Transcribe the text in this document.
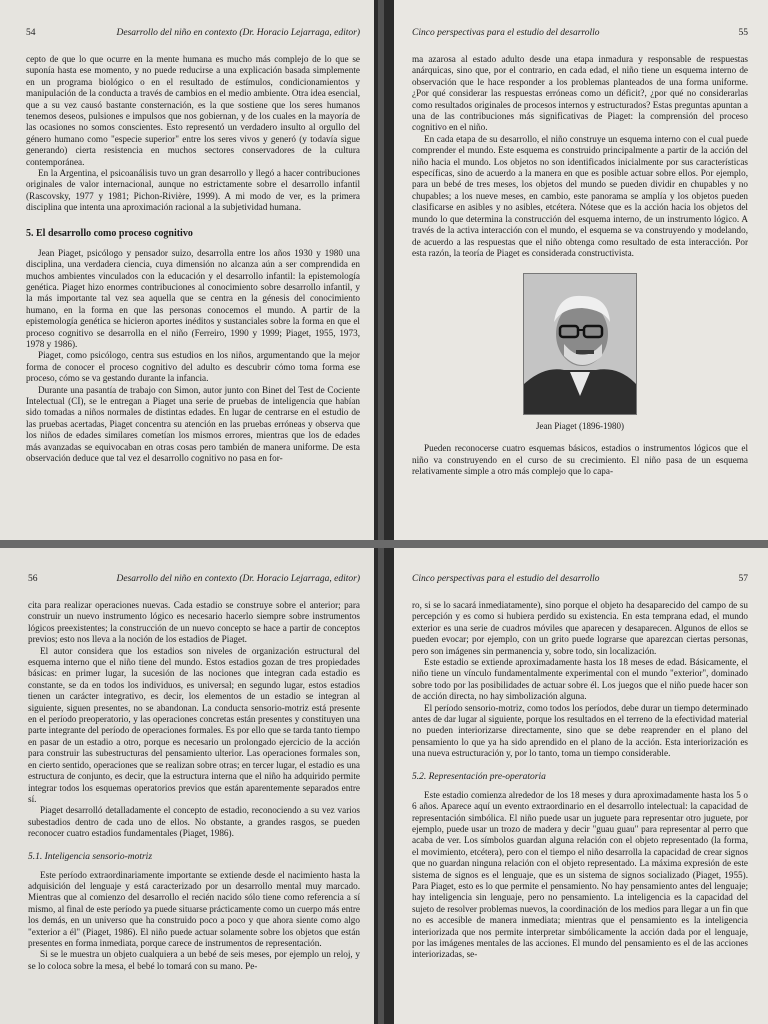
54	Desarrollo del niño en contexto (Dr. Horacio Lejarraga, editor)

cepto de que lo que ocurre en la mente humana es mucho más complejo de lo que se suponía hasta ese momento, y no puede reducirse a una explicación basada simplemente en un programa biológico o en el resultado de estímulos, condicionamientos y manipulación de la conducta a través de cambios en el medio ambiente. Otra idea esencial, que a su vez causó bastante consternación, es la que sostiene que los seres humanos tenemos deseos, pulsiones e impulsos que nos gobiernan, y de los cuales en la mayoría de las ocasiones no somos conscientes. Esto representó un verdadero insulto al orgullo del género humano como "especie superior" entre los seres vivos y generó (y todavía sigue generando) cierta resistencia en muchos sectores conservadores de la cultura contemporánea.

En la Argentina, el psicoanálisis tuvo un gran desarrollo y llegó a hacer contribuciones originales de valor internacional, aunque no estrictamente sobre el desarrollo infantil (Rascovsky, 1977 y 1981; Pichon-Rivière, 1999). A mi modo de ver, es la primera disciplina que intenta una aproximación racional a la subjetividad humana.

5. El desarrollo como proceso cognitivo

Jean Piaget, psicólogo y pensador suizo, desarrolla entre los años 1930 y 1980 una disciplina, una verdadera ciencia, cuya dimensión no alcanza aún a ser comprendida en muchos ambientes vinculados con la educación y el desarrollo infantil: la epistemología genética. Piaget hizo enormes contribuciones al conocimiento sobre desarrollo infantil, y la más importante tal vez sea aquella que se centra en la génesis del conocimiento humano, en la forma en que las personas conocemos el mundo. A partir de la epistemología genética se hicieron aportes inéditos y sustanciales sobre la forma en que el proceso cognitivo se desarrolla en el niño (Ferreiro, 1990 y 1999; Piaget, 1955, 1973, 1978 y 1986).

Piaget, como psicólogo, centra sus estudios en los niños, argumentando que la mejor forma de conocer el proceso cognitivo del adulto es descubrir cómo toma forma ese proceso, cómo se va gestando durante la infancia.

Durante una pasantía de trabajo con Simon, autor junto con Binet del Test de Cociente Intelectual (CI), se le entregan a Piaget una serie de pruebas de inteligencia que habían sido tomadas a niños normales de distintas edades. En lugar de centrarse en el estudio de las pruebas acertadas, Piaget concentra su atención en las pruebas erróneas y observa que los niños de edades similares cometían los mismos errores, mientras que los de edades más avanzadas se equivocaban en otras cosas pero también de manera uniforme. De esta observación deduce que tal vez el desarrollo cognitivo no pasa en for-

Cinco perspectivas para el estudio del desarrollo	55

ma azarosa al estado adulto desde una etapa inmadura y responsable de respuestas anárquicas, sino que, por el contrario, en cada edad, el niño tiene un esquema interno de observación que le hace responder a los problemas planteados de una forma uniforme. ¿Por qué considerar las respuestas erróneas como un déficit?, ¿por qué no considerarlas como resultados originales de procesos internos y estructurados? Estas preguntas apuntan a una de las contribuciones más significativas de Piaget: la comprensión del proceso cognitivo en el niño.

En cada etapa de su desarrollo, el niño construye un esquema interno con el cual puede comprender el mundo. Este esquema es construido principalmente a partir de la acción del niño hacia el mundo. Los objetos no son identificados inicialmente por sus características específicas, sino de acuerdo a la manera en que es posible actuar sobre ellos. Por ejemplo, para un bebé de tres meses, los objetos del mundo se pueden dividir en chupables y no chupables; a los nueve meses, en cambio, este panorama se amplía y los objetos pueden clasificarse en asibles y no asibles, etcétera. Nótese que es la acción hacia los objetos del mundo lo que determina la construcción del esquema interno, de un instrumento lógico. A través de la activa interacción con el mundo, el esquema se va construyendo y modelando, de acuerdo a las respuestas que el niño obtenga como resultado de esta interacción. Por esta razón, la teoría de Piaget es considerada constructivista.

Jean Piaget (1896-1980)

Pueden reconocerse cuatro esquemas básicos, estadios o instrumentos lógicos que el niño va construyendo en el curso de su crecimiento. El niño pasa de un esquema relativamente simple a otro más complejo que lo capa-

56	Desarrollo del niño en contexto (Dr. Horacio Lejarraga, editor)

cita para realizar operaciones nuevas. Cada estadio se construye sobre el anterior; para construir un nuevo instrumento lógico es necesario hacerlo siempre sobre instrumentos lógicos preexistentes; la construcción de un nuevo concepto se hace a partir de conceptos previos; esto nos lleva a la noción de los estadios de Piaget.

El autor considera que los estadios son niveles de organización estructural del esquema interno que el niño tiene del mundo. Estos estadios gozan de tres propiedades básicas: en primer lugar, la sucesión de las nociones que integran cada estadio es constante, se da en todos los individuos, es universal; en segundo lugar, estos estadios tienen un carácter integrativo, es decir, los elementos de un estadio se integran al siguiente, siguen presentes, no se abandonan. La conducta sensorio-motriz está presente en el período preoperatorio, y las operaciones concretas están presentes y constituyen una parte integrante del período de operaciones formales. Es por ello que se tarda tanto tiempo en pasar de un estadio a otro, porque es necesario un prolongado ejercicio de la acción para construir las subestructuras del pensamiento ulterior. Las operaciones formales son, en cierto sentido, operaciones que se realizan sobre otras; en tercer lugar, el estadio es una estructura de conjunto, es decir, que la estructura interna que el niño ha adquirido permite integrar todos los esquemas operatorios previos que están aparentemente separados entre sí.

Piaget desarrolló detalladamente el concepto de estadio, reconociendo a su vez varios subestadios dentro de cada uno de ellos. No obstante, a grandes rasgos, se pueden reconocer cuatro estadios fundamentales (Piaget, 1986).

5.1. Inteligencia sensorio-motriz

Este período extraordinariamente importante se extiende desde el nacimiento hasta la adquisición del lenguaje y está caracterizado por un desarrollo mental muy marcado. Mientras que al comienzo del desarrollo el recién nacido sólo tiene como referencia a sí mismo, al final de este período ya puede situarse prácticamente como un cuerpo más entre los demás, en un universo que ha construido poco a poco y que ahora siente como algo "exterior a él" (Piaget, 1986). El niño puede actuar solamente sobre los objetos que están presentes en forma inmediata, porque carece de instrumentos de representación.

Si se le muestra un objeto cualquiera a un bebé de seis meses, por ejemplo un reloj, y se lo coloca sobre la mesa, el bebé lo tomará con su mano. Pe-

Cinco perspectivas para el estudio del desarrollo	57

ro, si se lo sacará inmediatamente), sino porque el objeto ha desaparecido del campo de su percepción y es como si hubiera perdido su existencia. En esta temprana edad, el mundo exterior es una serie de cuadros móviles que aparecen y desaparecen. Algunos de ellos se pueden evocar; por ejemplo, con un grito puede lograrse que aparezcan ciertas personas, pero son imágenes sin permanencia y, sobre todo, sin localización.

Este estadio se extiende aproximadamente hasta los 18 meses de edad. Básicamente, el niño tiene un vínculo fundamentalmente experimental con el mundo "exterior", dominado sobre todo por las posibilidades de actuar sobre él. Los juegos que el niño puede hacer son de acción directa, no hay simbolización alguna.

El período sensorio-motriz, como todos los períodos, debe durar un tiempo determinado antes de dar lugar al siguiente, porque los resultados en el terreno de la efectividad material no pueden interiorizarse directamente, sino que se debe reaprender en el plano del pensamiento lo que ya ha sido aprendido en el plano de la acción. Esta interiorización es una nueva estructuración y, por lo tanto, toma un tiempo considerable.

5.2. Representación pre-operatoria

Este estadio comienza alrededor de los 18 meses y dura aproximadamente hasta los 5 o 6 años. Aparece aquí un evento extraordinario en el desarrollo intelectual: la capacidad de representación simbólica. El niño puede usar un juguete para representar otro juguete, por ejemplo, puede usar un trozo de madera y decir "guau guau" para representar al perro que acaba de ver. Los símbolos guardan alguna relación con el objeto representado (la forma, el movimiento, etcétera), pero con el tiempo el niño desarrolla la capacidad de crear signos que no guardan ninguna relación con el objeto representado. La máxima expresión de este sistema de signos es el lenguaje, que es un sistema de signos socializado (Piaget, 1955). Para Piaget, esto es lo que permite el pensamiento. No hay pensamiento antes del lenguaje; hay inteligencia sin lenguaje, pero no pensamiento. La inteligencia es la capacidad del sujeto de resolver problemas nuevos, la coordinación de los medios para llegar a un fin que no es accesible de manera inmediata; mientras que el pensamiento es la inteligencia interiorizada que nos permite interpretar simbólicamente la acción dada por el lenguaje, por las imágenes mentales de las acciones. El mundo del pensamiento es el de las acciones interiorizadas, se-
